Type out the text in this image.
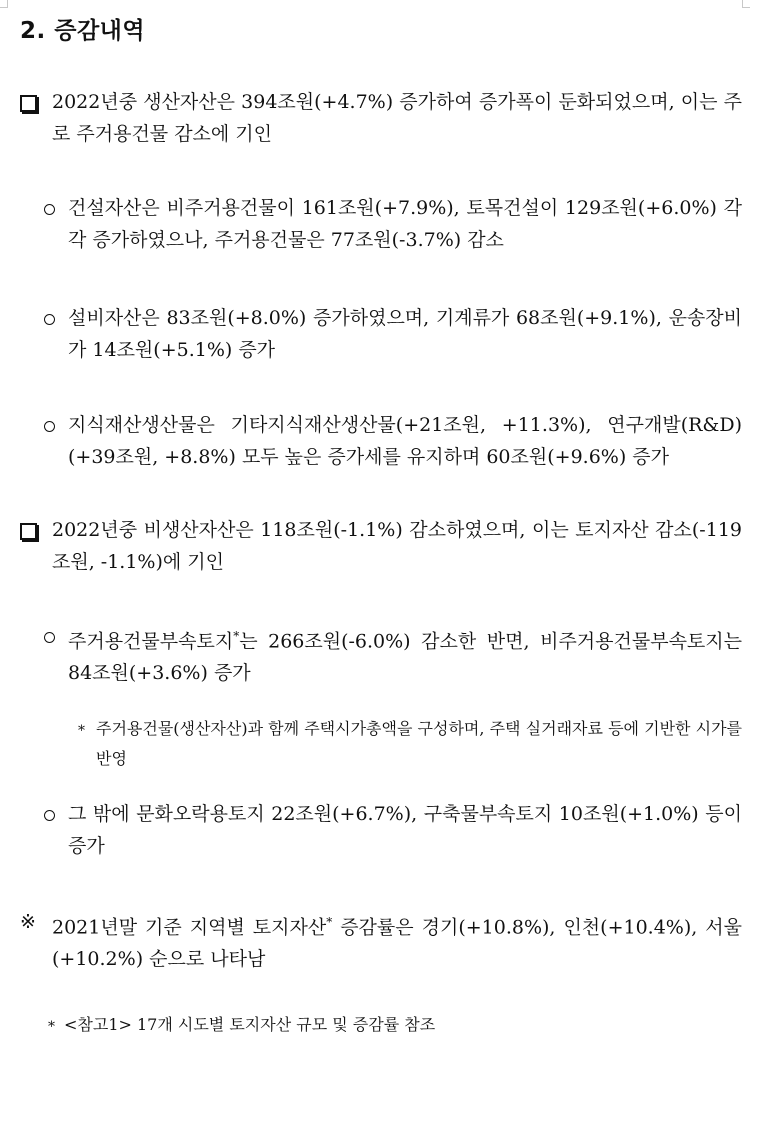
2. 증감내역
2022년중 생산자산은 394조원(+4.7%) 증가하여 증가폭이 둔화되었으며, 이는 주로 주거용건물 감소에 기인
건설자산은 비주거용건물이 161조원(+7.9%), 토목건설이 129조원(+6.0%) 각각 증가하였으나, 주거용건물은 77조원(-3.7%) 감소
설비자산은 83조원(+8.0%) 증가하였으며, 기계류가 68조원(+9.1%), 운송장비가 14조원(+5.1%) 증가
지식재산생산물은 기타지식재산생산물(+21조원, +11.3%), 연구개발(R&D)(+39조원, +8.8%) 모두 높은 증가세를 유지하며 60조원(+9.6%) 증가
2022년중 비생산자산은 118조원(-1.1%) 감소하였으며, 이는 토지자산 감소(-119조원, -1.1%)에 기인
주거용건물부속토지*는 266조원(-6.0%) 감소한 반면, 비주거용건물부속토지는 84조원(+3.6%) 증가
* 주거용건물(생산자산)과 함께 주택시가총액을 구성하며, 주택 실거래자료 등에 기반한 시가를 반영
그 밖에 문화오락용토지 22조원(+6.7%), 구축물부속토지 10조원(+1.0%) 등이 증가
※ 2021년말 기준 지역별 토지자산* 증감률은 경기(+10.8%), 인천(+10.4%), 서울(+10.2%) 순으로 나타남
* <참고1> 17개 시도별 토지자산 규모 및 증감률 참조
